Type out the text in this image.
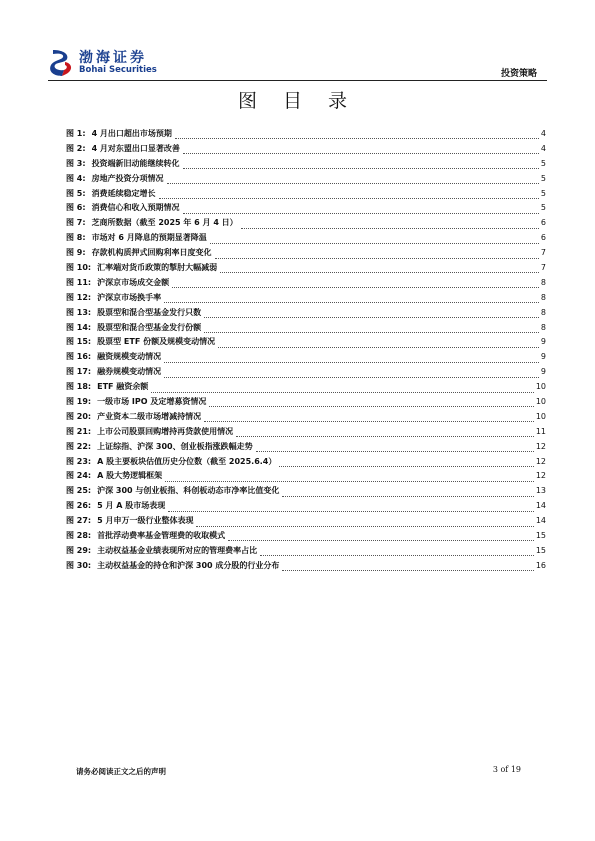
渤海证券
Bohai Securities	投资策略
图 目 录
图 1: 4 月出口超出市场预期	4
图 2: 4 月对东盟出口显著改善	4
图 3: 投资端新旧动能继续转化	5
图 4: 房地产投资分项情况	5
图 5: 消费延续稳定增长	5
图 6: 消费信心和收入预期情况	5
图 7: 芝商所数据（截至 2025 年 6 月 4 日）	6
图 8: 市场对 6 月降息的预期显著降温	6
图 9: 存款机构质押式回购利率日度变化	7
图 10: 汇率端对货币政策的掣肘大幅减弱	7
图 11: 沪深京市场成交金额	8
图 12: 沪深京市场换手率	8
图 13: 股票型和混合型基金发行只数	8
图 14: 股票型和混合型基金发行份额	8
图 15: 股票型 ETF 份额及规模变动情况	9
图 16: 融资规模变动情况	9
图 17: 融券规模变动情况	9
图 18: ETF 融资余额	10
图 19: 一级市场 IPO 及定增募资情况	10
图 20: 产业资本二级市场增减持情况	10
图 21: 上市公司股票回购增持再贷款使用情况	11
图 22: 上证综指、沪深 300、创业板指涨跌幅走势	12
图 23: A 股主要板块估值历史分位数（截至 2025.6.4）	12
图 24: A 股大势逻辑框架	12
图 25: 沪深 300 与创业板指、科创板动态市净率比值变化	13
图 26: 5 月 A 股市场表现	14
图 27: 5 月申万一级行业整体表现	14
图 28: 首批浮动费率基金管理费的收取模式	15
图 29: 主动权益基金业绩表现所对应的管理费率占比	15
图 30: 主动权益基金的持仓和沪深 300 成分股的行业分布	16
请务必阅读正文之后的声明	3 of 19
